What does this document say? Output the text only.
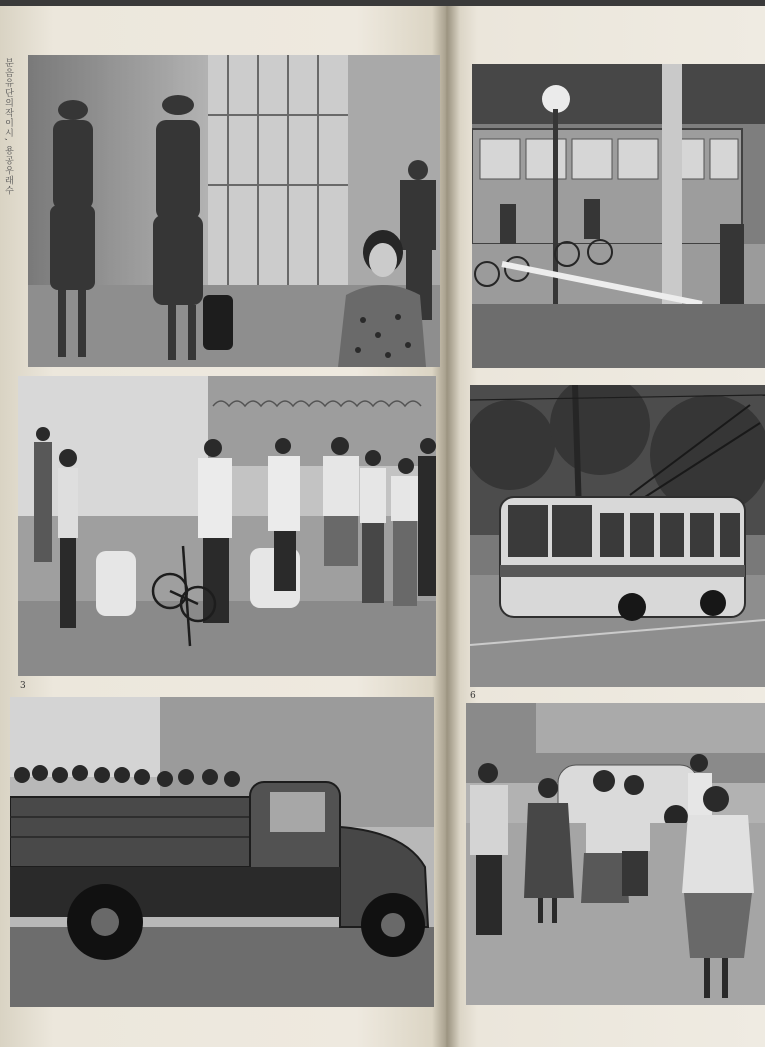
분음유단의작이시, 용공우래수
3
6
